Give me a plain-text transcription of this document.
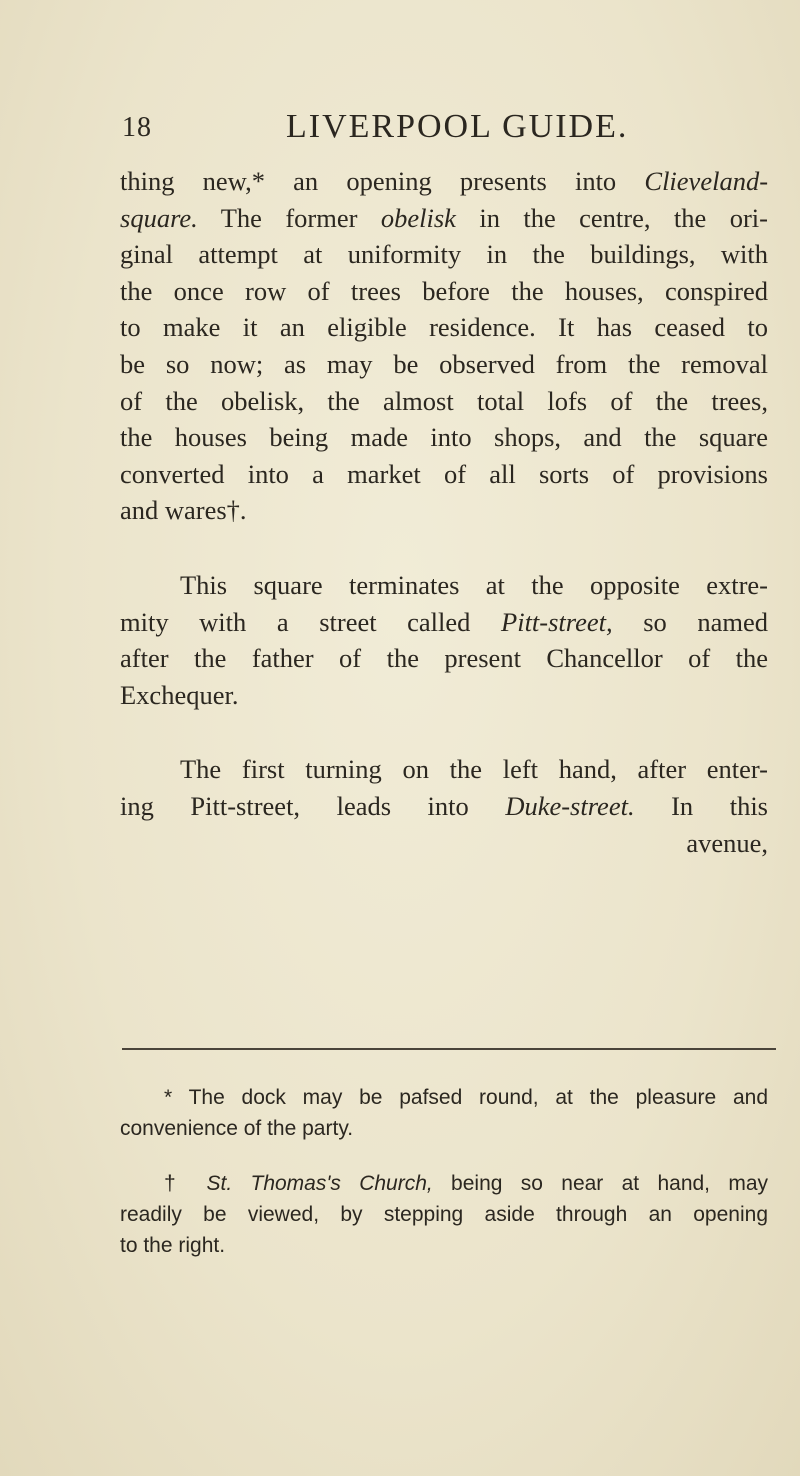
18	LIVERPOOL GUIDE.
thing new,* an opening presents into Clieveland-
square. The former obelisk in the centre, the ori-
ginal attempt at uniformity in the buildings, with
the once row of trees before the houses, conspired
to make it an eligible residence. It has ceased to
be so now; as may be observed from the removal
of the obelisk, the almost total lofs of the trees,
the houses being made into shops, and the square
converted into a market of all sorts of provisions
and wares†.
This square terminates at the opposite extre-
mity with a street called Pitt-street, so named
after the father of the present Chancellor of the
Exchequer.
The first turning on the left hand, after enter-
ing Pitt-street, leads into Duke-street. In this
avenue,
* The dock may be pafsed round, at the pleasure and
convenience of the party.
† St. Thomas's Church, being so near at hand, may
readily be viewed, by stepping aside through an opening
to the right.
